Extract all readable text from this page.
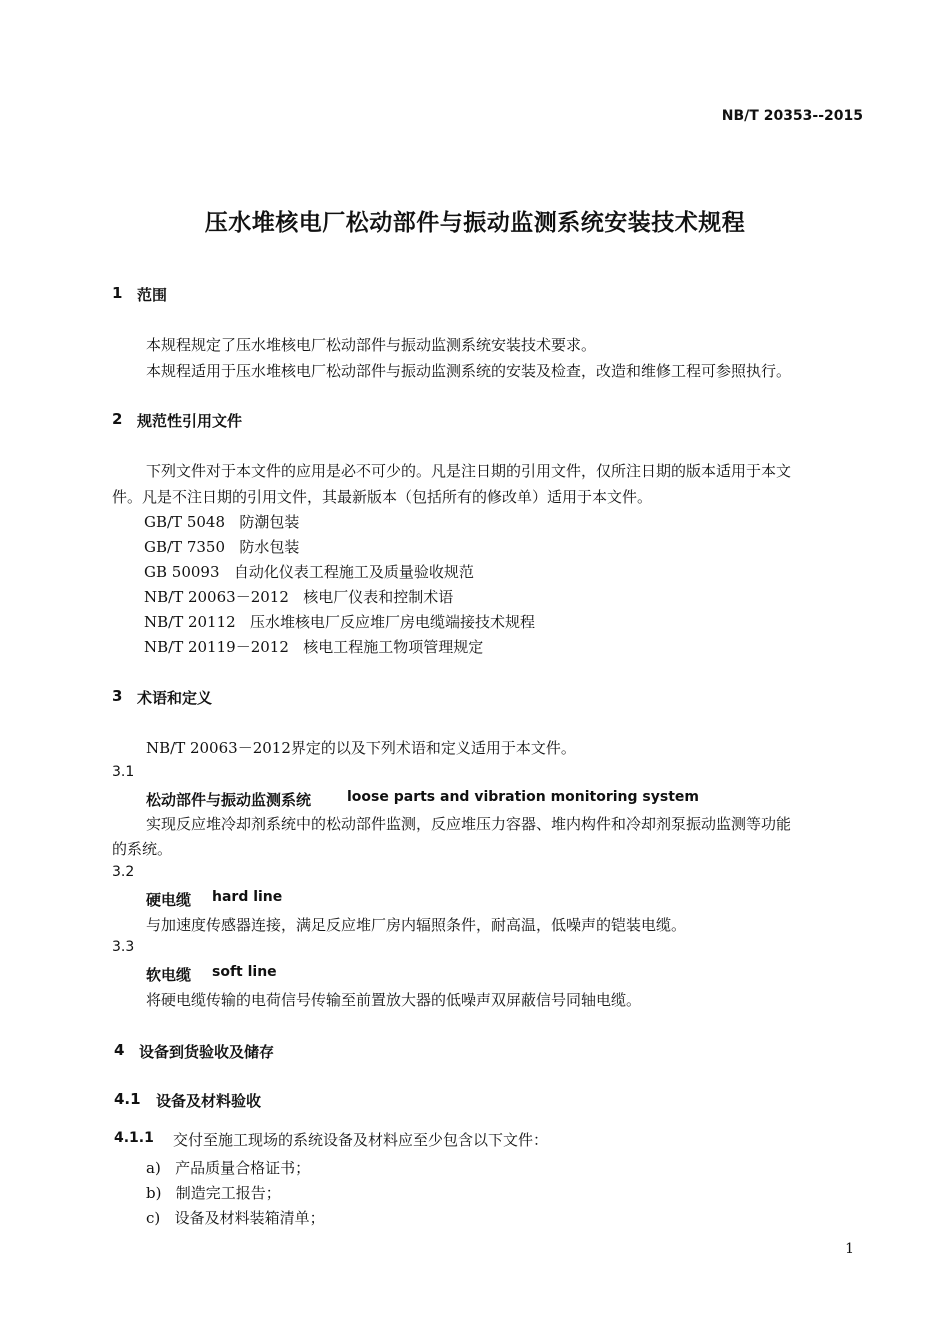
NB/T 20353--2015
压水堆核电厂松动部件与振动监测系统安装技术规程
1 范围
本规程规定了压水堆核电厂松动部件与振动监测系统安装技术要求。
本规程适用于压水堆核电厂松动部件与振动监测系统的安装及检查，改造和维修工程可参照执行。
2 规范性引用文件
下列文件对于本文件的应用是必不可少的。凡是注日期的引用文件，仅所注日期的版本适用于本文
件。凡是不注日期的引用文件，其最新版本（包括所有的修改单）适用于本文件。
GB/T 5048 防潮包装
GB/T 7350 防水包装
GB 50093 自动化仪表工程施工及质量验收规范
NB/T 20063－2012 核电厂仪表和控制术语
NB/T 20112 压水堆核电厂反应堆厂房电缆端接技术规程
NB/T 20119－2012 核电工程施工物项管理规定
3 术语和定义
NB/T 20063－2012界定的以及下列术语和定义适用于本文件。
3.1
松动部件与振动监测系统	loose parts and vibration monitoring system
实现反应堆冷却剂系统中的松动部件监测，反应堆压力容器、堆内构件和冷却剂泵振动监测等功能
的系统。
3.2
硬电缆 hard line
与加速度传感器连接，满足反应堆厂房内辐照条件，耐高温，低噪声的铠装电缆。
3.3
软电缆 soft line
将硬电缆传输的电荷信号传输至前置放大器的低噪声双屏蔽信号同轴电缆。
4 设备到货验收及储存
4.1 设备及材料验收
4.1.1 交付至施工现场的系统设备及材料应至少包含以下文件：
a) 产品质量合格证书；
b) 制造完工报告；
c) 设备及材料装箱清单；
1
